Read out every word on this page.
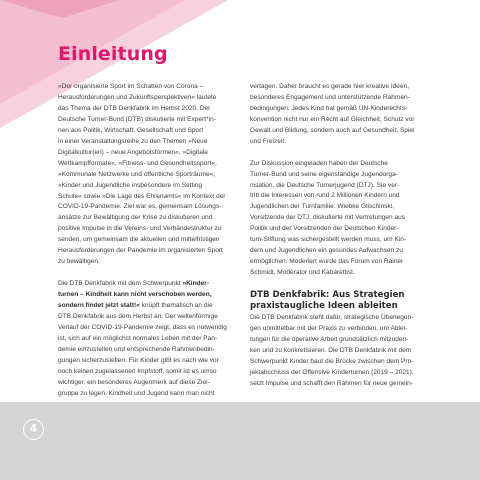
Einleitung

»Der organisierte Sport im Schatten von Corona –

Herausforderungen und Zukunftsperspektiven« lautete

das Thema der DTB Denkfabrik im Herbst 2020. Der

Deutsche Turner-Bund (DTB) diskutierte mit Expert*in-

nen aus Politik, Wirtschaft, Gesellschaft und Sport

in einer Veranstaltungsreihe zu den Themen »Neue

Digitalkultur(en) – neue Angebotsformen«, »Digitale

Wettkampfformate«, »Fitness- und Gesundheitssport«,

»Kommunale Netzwerke und öffentliche Sporträume«,

»Kinder und Jugendliche insbesondere im Setting

Schule« sowie »Die Lage des Ehrenamts« im Kontext der

COVID-19-Pandemie. Ziel war es, gemeinsam Lösungs-

ansätze zur Bewältigung der Krise zu diskutieren und

positive Impulse in die Vereins- und Verbändestruktur zu

senden, um gemeinsam die aktuellen und mittelfristigen

Herausforderungen der Pandemie im organisierten Sport

zu bewältigen.

Die DTB Denkfabrik mit dem Schwerpunkt »Kinder-

turnen – Kindheit kann nicht verschoben werden,

sondern findet jetzt statt!« knüpft thematisch an die

DTB Denkfabrik aus dem Herbst an. Der wellenförmige

Verlauf der COVID-19-Pandemie zeigt, dass es notwendig

ist, sich auf ein möglichst normales Leben mit der Pan-

demie einzustellen und entsprechende Rahmenbedin-

gungen sicherzustellen. Für Kinder gibt es nach wie vor

noch keinen zugelassenen Impfstoff, somit ist es umso

wichtiger, ein besonderes Augenmerk auf diese Ziel-

gruppe zu legen. Kindheit und Jugend kann man nicht

vertagen. Daher braucht es gerade hier kreative Ideen,

besonderes Engagement und unterstützende Rahmen-

bedingungen. Jedes Kind hat gemäß UN-Kinderechts-

konvention nicht nur ein Recht auf Gleichheit, Schutz vor

Gewalt und Bildung, sondern auch auf Gesundheit, Spiel

und Freizeit.

Zur Diskussion eingeladen haben der Deutsche

Turner-Bund und seine eigenständige Jugendorga-

nisation, die Deutsche Turnerjugend (DTJ). Sie ver-

tritt die Interessen von rund 2 Millionen Kindern und

Jugendlichen der Turnfamilie. Wiebke Glischinski,

Vorsitzende der DTJ, diskutierte mit Vertretungen aus

Politik und der Vorsitzenden der Deutschen Kinder-

turn-Stiftung was sichergestellt werden muss, um Kin-

dern und Jugendlichen ein gesundes Aufwachsen zu

ermöglichen. Moderiert wurde das Forum von Rainer

Schmidt, Moderator und Kabarettist.

DTB Denkfabrik: Aus Strategien
praxistaugliche Ideen ableiten

Die DTB Denkfabrik steht dafür, strategische Überlegun-

gen unmittelbar mit der Praxis zu verbinden, um Ablei-

tungen für die operative Arbeit grundsätzlich mitzuden-

ken und zu konkretisieren. Die DTB Denkfabrik mit dem

Schwerpunkt Kinder baut die Brücke zwischen dem Pro-

jektabschluss der Offensive Kinderturnen (2019 – 2021),

setzt Impulse und schafft den Rahmen für neue gemein-

4
